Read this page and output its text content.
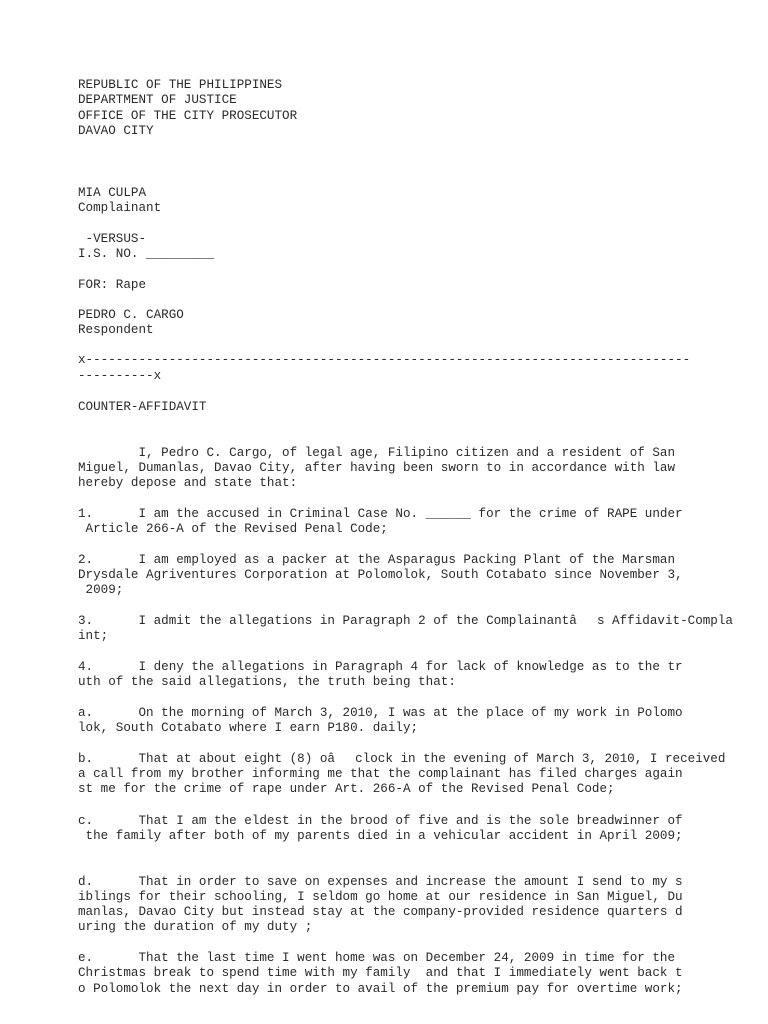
REPUBLIC OF THE PHILIPPINES

DEPARTMENT OF JUSTICE

OFFICE OF THE CITY PROSECUTOR

DAVAO CITY

MIA CULPA

Complainant

-VERSUS-

I.S. NO. _________

FOR: Rape

PEDRO C. CARGO

Respondent

x--------------------------------------------------------------------------------

----------x

COUNTER-AFFIDAVIT

I, Pedro C. Cargo, of legal age, Filipino citizen and a resident of San

Miguel, Dumanlas, Davao City, after having been sworn to in accordance with law

hereby depose and state that:

1.      I am the accused in Criminal Case No. ______ for the crime of RAPE under

Article 266-A of the Revised Penal Code;

2.      I am employed as a packer at the Asparagus Packing Plant of the Marsman

Drysdale Agriventures Corporation at Polomolok, South Cotabato since November 3,

2009;

3.      I admit the allegations in Paragraph 2 of the Complainantâs Affidavit-Compla

int;

4.      I deny the allegations in Paragraph 4 for lack of knowledge as to the tr

uth of the said allegations, the truth being that:

a.      On the morning of March 3, 2010, I was at the place of my work in Polomo

lok, South Cotabato where I earn P180. daily;

b.      That at about eight (8) oâclock in the evening of March 3, 2010, I received

a call from my brother informing me that the complainant has filed charges again

st me for the crime of rape under Art. 266-A of the Revised Penal Code;

c.      That I am the eldest in the brood of five and is the sole breadwinner of

the family after both of my parents died in a vehicular accident in April 2009;

d.      That in order to save on expenses and increase the amount I send to my s

iblings for their schooling, I seldom go home at our residence in San Miguel, Du

manlas, Davao City but instead stay at the company-provided residence quarters d

uring the duration of my duty ;

e.      That the last time I went home was on December 24, 2009 in time for the

Christmas break to spend time with my family  and that I immediately went back t

o Polomolok the next day in order to avail of the premium pay for overtime work;
